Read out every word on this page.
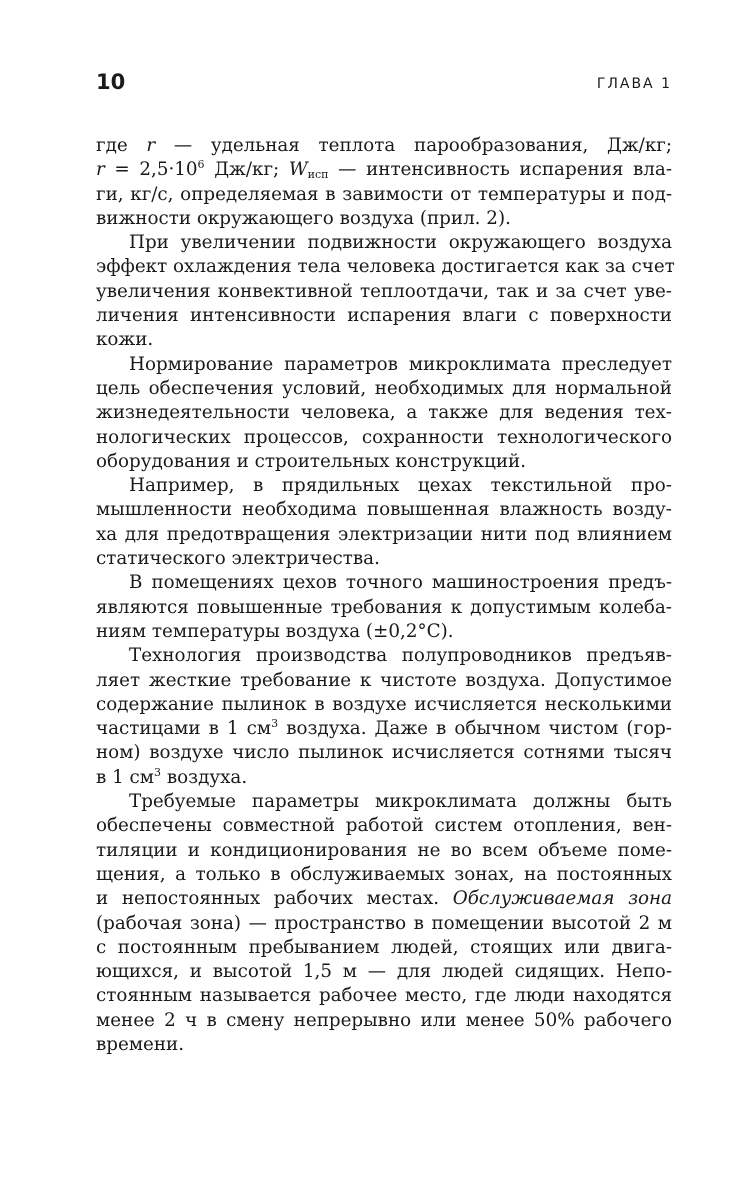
10	ГЛАВА 1

где r — удельная теплота парообразования, Дж/кг;
$r = 2,5\cdot 10^6$ Дж/кг; $W_{исп}$ — интенсивность испарения вла-
ги, кг/с, определяемая в завимости от температуры и под-
вижности окружающего воздуха (прил. 2).

При увеличении подвижности окружающего воздуха
эффект охлаждения тела человека достигается как за счет
увеличения конвективной теплоотдачи, так и за счет уве-
личения интенсивности испарения влаги с поверхности
кожи.

Нормирование параметров микроклимата преследует
цель обеспечения условий, необходимых для нормальной
жизнедеятельности человека, а также для ведения тех-
нологических процессов, сохранности технологического
оборудования и строительных конструкций.

Например, в прядильных цехах текстильной про-
мышленности необходима повышенная влажность возду-
ха для предотвращения электризации нити под влиянием
статического электричества.

В помещениях цехов точного машиностроения предъ-
являются повышенные требования к допустимым колеба-
ниям температуры воздуха (±0,2°C).

Технология производства полупроводников предъяв-
ляет жесткие требование к чистоте воздуха. Допустимое
содержание пылинок в воздухе исчисляется несколькими
частицами в 1 $см^3$ воздуха. Даже в обычном чистом (гор-
ном) воздухе число пылинок исчисляется сотнями тысяч
в 1 $см^3$ воздуха.

Требуемые параметры микроклимата должны быть
обеспечены совместной работой систем отопления, вен-
тиляции и кондиционирования не во всем объеме поме-
щения, а только в обслуживаемых зонах, на постоянных
и непостоянных рабочих местах. Обслуживаемая зона
(рабочая зона) — пространство в помещении высотой 2 м
с постоянным пребыванием людей, стоящих или двига-
ющихся, и высотой 1,5 м — для людей сидящих. Непо-
стоянным называется рабочее место, где люди находятся
менее 2 ч в смену непрерывно или менее 50% рабочего
времени.
